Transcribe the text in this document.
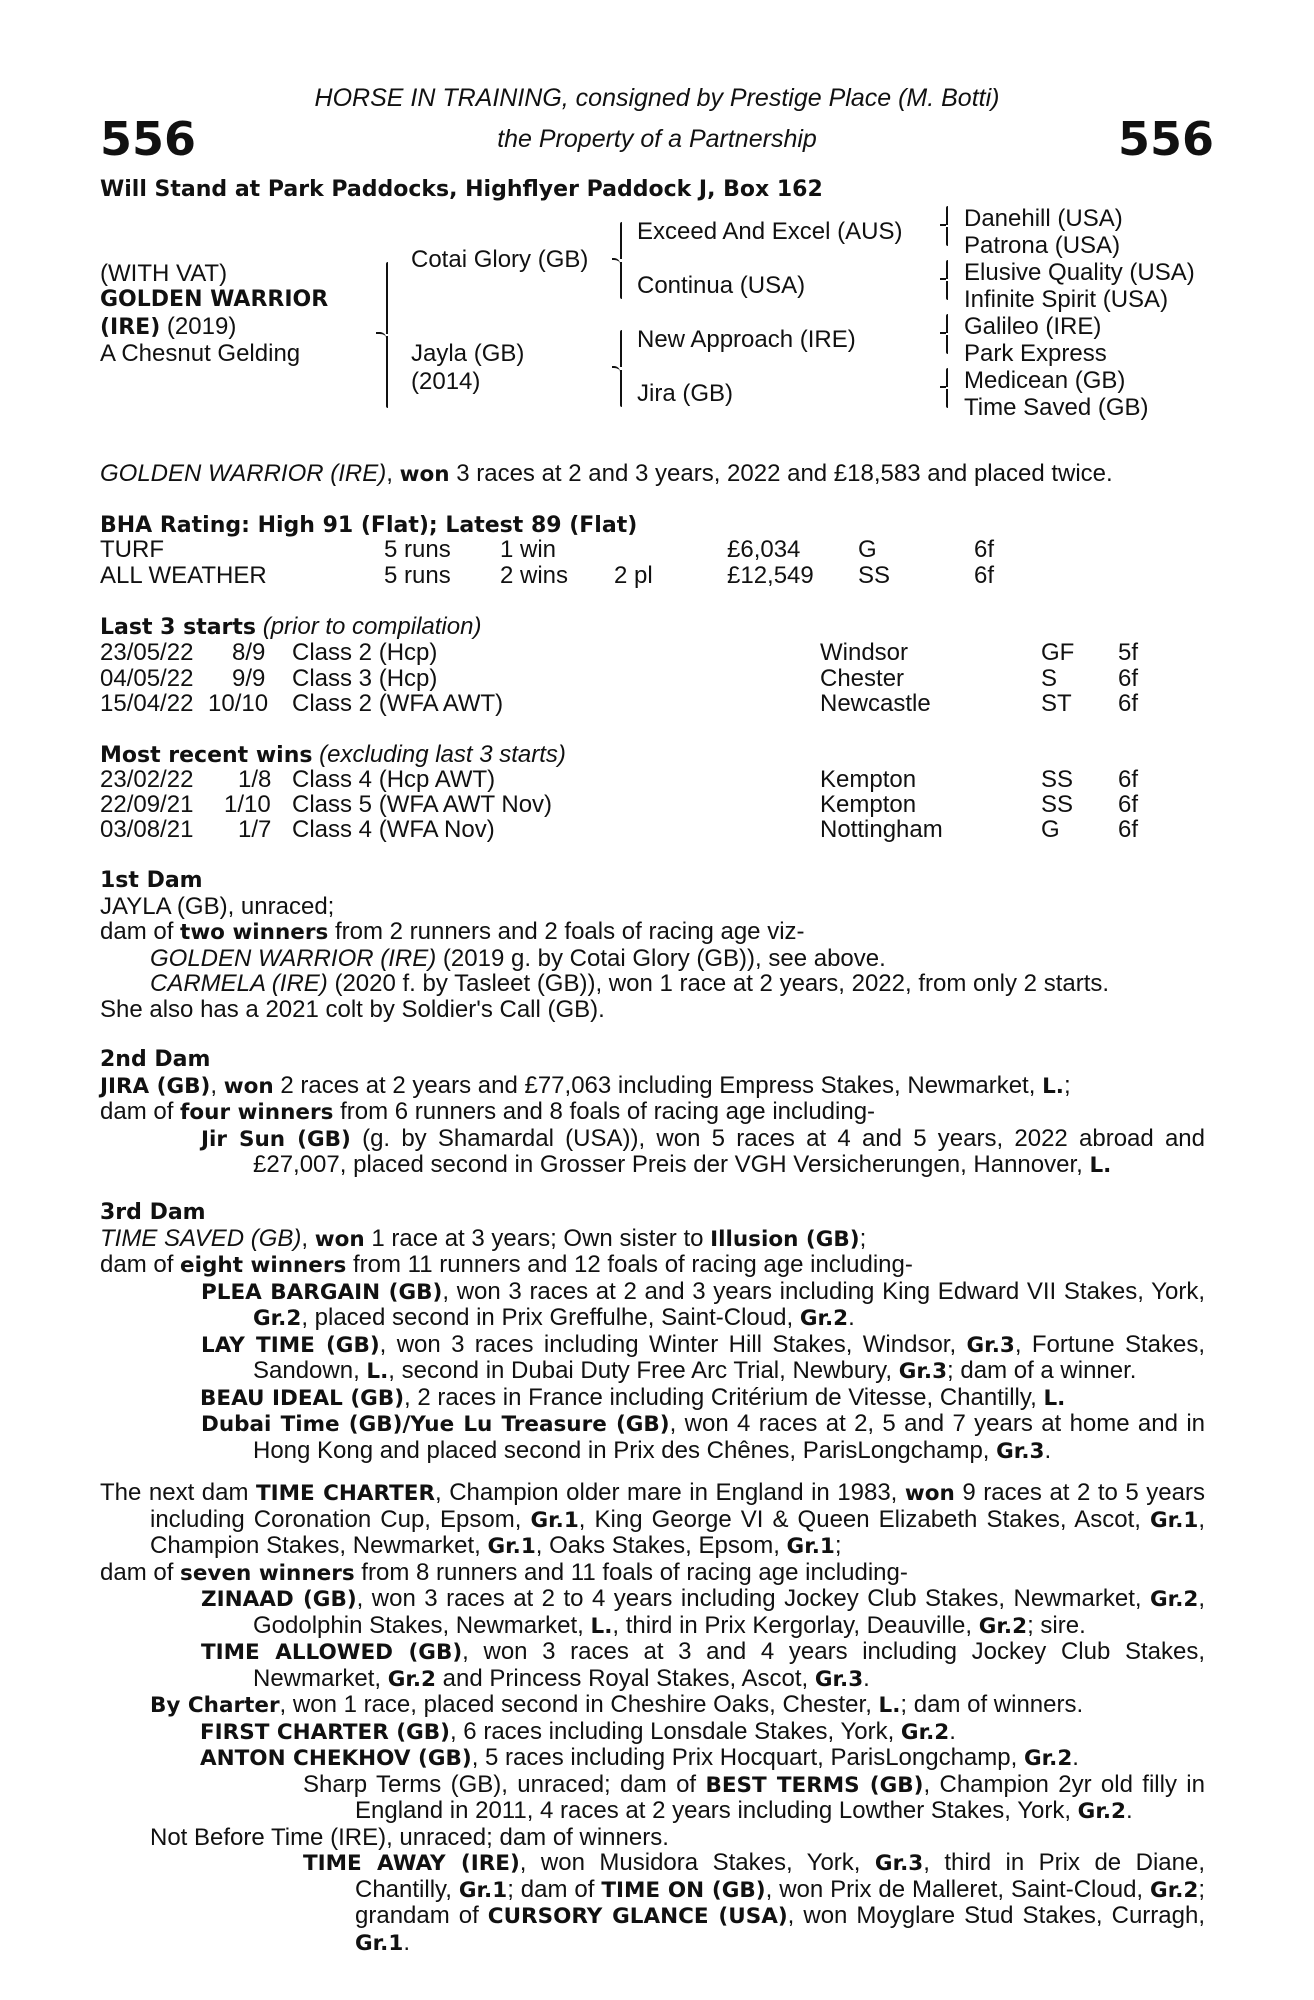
556	556
HORSE IN TRAINING, consigned by Prestige Place (M. Botti)
the Property of a Partnership
Will Stand at Park Paddocks, Highflyer Paddock J, Box 162
(WITH VAT)
GOLDEN WARRIOR
(IRE) (2019)
A Chesnut Gelding
Cotai Glory (GB)
Jayla (GB)
(2014)
Exceed And Excel (AUS)
Continua (USA)
New Approach (IRE)
Jira (GB)
Danehill (USA)
Patrona (USA)
Elusive Quality (USA)
Infinite Spirit (USA)
Galileo (IRE)
Park Express
Medicean (GB)
Time Saved (GB)
GOLDEN WARRIOR (IRE), won 3 races at 2 and 3 years, 2022 and £18,583 and placed twice.
BHA Rating: High 91 (Flat); Latest 89 (Flat)
TURF	5 runs 1 win	£6,034 G	6f
ALL WEATHER	5 runs 2 wins 2 pl	£12,549 SS	6f
Last 3 starts (prior to compilation)
23/05/22 8/9 Class 2 (Hcp)	Windsor	GF 5f
04/05/22 9/9 Class 3 (Hcp)	Chester	S	6f
15/04/22 10/10 Class 2 (WFA AWT)	Newcastle	ST 6f
Most recent wins (excluding last 3 starts)
23/02/22 1/8 Class 4 (Hcp AWT)	Kempton	SS 6f
22/09/21 1/10 Class 5 (WFA AWT Nov)	Kempton	SS 6f
03/08/21 1/7 Class 4 (WFA Nov)	Nottingham	G 6f

1st Dam

JAYLA (GB), unraced;

dam of two winners from 2 runners and 2 foals of racing age viz-

GOLDEN WARRIOR (IRE) (2019 g. by Cotai Glory (GB)), see above.

CARMELA (IRE) (2020 f. by Tasleet (GB)), won 1 race at 2 years, 2022, from only 2 starts.

She also has a 2021 colt by Soldier's Call (GB).

2nd Dam

JIRA (GB), won 2 races at 2 years and £77,063 including Empress Stakes, Newmarket, L.;

dam of four winners from 6 runners and 8 foals of racing age including-

Jir Sun (GB) (g. by Shamardal (USA)), won 5 races at 4 and 5 years, 2022 abroad and £27,007, placed second in Grosser Preis der VGH Versicherungen, Hannover, L.

3rd Dam

TIME SAVED (GB), won 1 race at 3 years; Own sister to Illusion (GB);

dam of eight winners from 11 runners and 12 foals of racing age including-

PLEA BARGAIN (GB), won 3 races at 2 and 3 years including King Edward VII Stakes, York, Gr.2, placed second in Prix Greffulhe, Saint-Cloud, Gr.2.

LAY TIME (GB), won 3 races including Winter Hill Stakes, Windsor, Gr.3, Fortune Stakes, Sandown, L., second in Dubai Duty Free Arc Trial, Newbury, Gr.3; dam of a winner.

BEAU IDEAL (GB), 2 races in France including Critérium de Vitesse, Chantilly, L.

Dubai Time (GB)/Yue Lu Treasure (GB), won 4 races at 2, 5 and 7 years at home and in Hong Kong and placed second in Prix des Chênes, ParisLongchamp, Gr.3.

The next dam TIME CHARTER, Champion older mare in England in 1983, won 9 races at 2 to 5 years including Coronation Cup, Epsom, Gr.1, King George VI & Queen Elizabeth Stakes, Ascot, Gr.1, Champion Stakes, Newmarket, Gr.1, Oaks Stakes, Epsom, Gr.1;

dam of seven winners from 8 runners and 11 foals of racing age including-

ZINAAD (GB), won 3 races at 2 to 4 years including Jockey Club Stakes, Newmarket, Gr.2, Godolphin Stakes, Newmarket, L., third in Prix Kergorlay, Deauville, Gr.2; sire.

TIME ALLOWED (GB), won 3 races at 3 and 4 years including Jockey Club Stakes, Newmarket, Gr.2 and Princess Royal Stakes, Ascot, Gr.3.

By Charter, won 1 race, placed second in Cheshire Oaks, Chester, L.; dam of winners.

FIRST CHARTER (GB), 6 races including Lonsdale Stakes, York, Gr.2.

ANTON CHEKHOV (GB), 5 races including Prix Hocquart, ParisLongchamp, Gr.2.

Sharp Terms (GB), unraced; dam of BEST TERMS (GB), Champion 2yr old filly in England in 2011, 4 races at 2 years including Lowther Stakes, York, Gr.2.

Not Before Time (IRE), unraced; dam of winners.

TIME AWAY (IRE), won Musidora Stakes, York, Gr.3, third in Prix de Diane, Chantilly, Gr.1; dam of TIME ON (GB), won Prix de Malleret, Saint-Cloud, Gr.2; grandam of CURSORY GLANCE (USA), won Moyglare Stud Stakes, Curragh, Gr.1.
